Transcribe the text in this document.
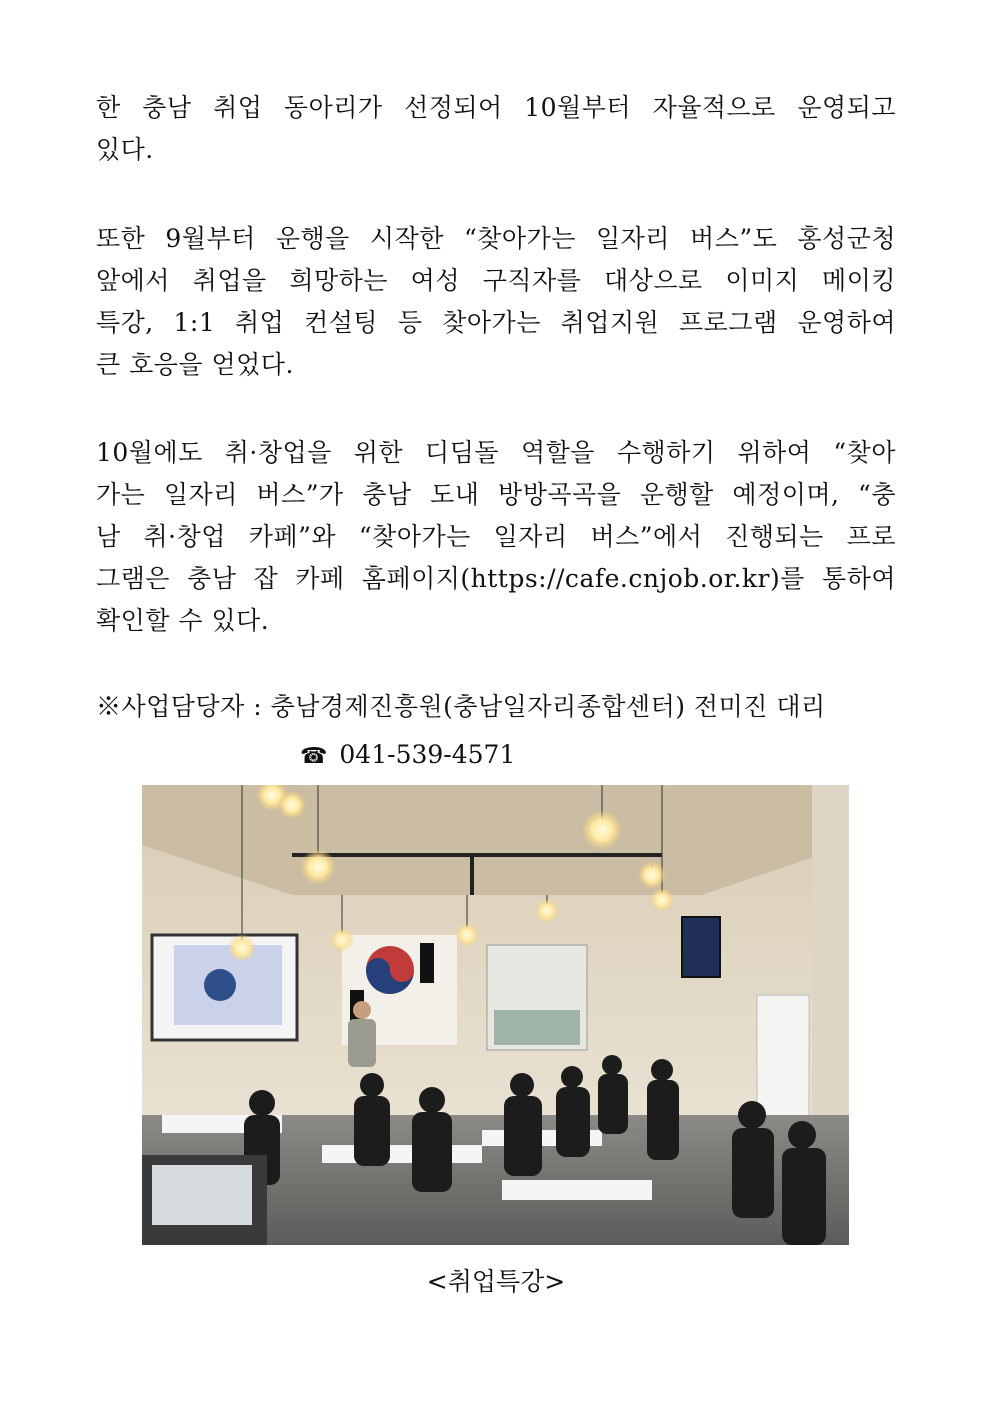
한 충남 취업 동아리가 선정되어 10월부터 자율적으로 운영되고
있다.
또한 9월부터 운행을 시작한 “찾아가는 일자리 버스”도 홍성군청
앞에서 취업을 희망하는 여성 구직자를 대상으로 이미지 메이킹
특강, 1:1 취업 컨설팅 등 찾아가는 취업지원 프로그램 운영하여
큰 호응을 얻었다.
10월에도 취·창업을 위한 디딤돌 역할을 수행하기 위하여 “찾아
가는 일자리 버스”가 충남 도내 방방곡곡을 운행할 예정이며, “충
남 취·창업 카페”와 “찾아가는 일자리 버스”에서 진행되는 프로
그램은 충남 잡 카페 홈페이지(https://cafe.cnjob.or.kr)를 통하여
확인할 수 있다.
※사업담당자 : 충남경제진흥원(충남일자리종합센터) 전미진 대리
☎ 041-539-4571
<취업특강>
